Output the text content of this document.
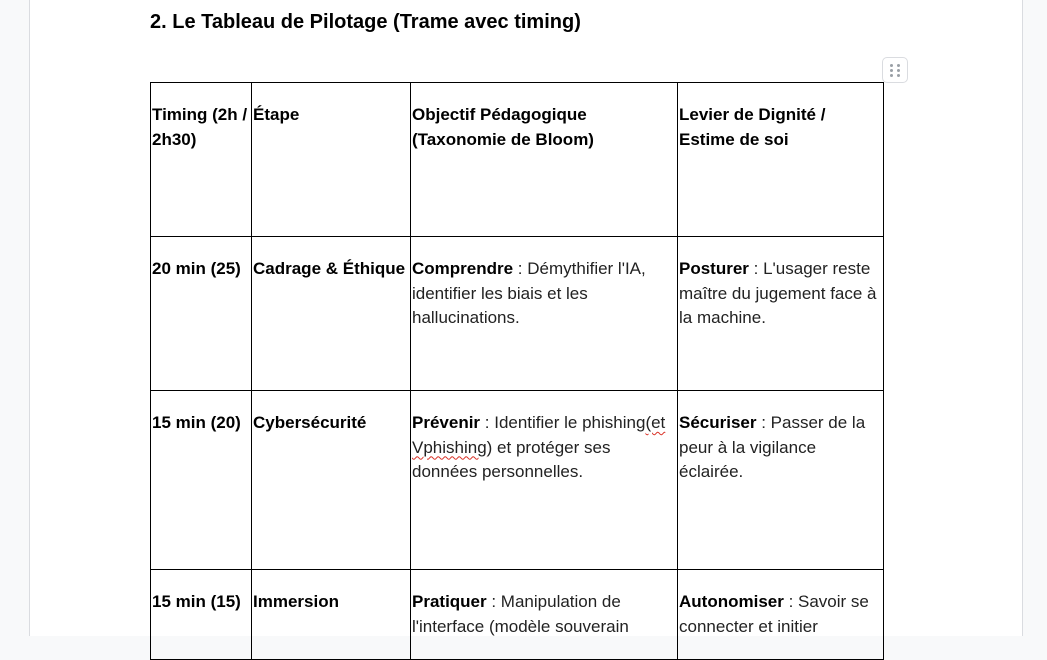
2. Le Tableau de Pilotage (Trame avec timing)
Timing (2h / 2h30)	Étape	Objectif Pédagogique (Taxonomie de Bloom)	Levier de Dignité / Estime de soi
20 min (25)	Cadrage & Éthique	Comprendre : Démythifier l'IA, identifier les biais et les hallucinations.	Posturer : L'usager reste maître du jugement face à la machine.
15 min (20)	Cybersécurité	Prévenir : Identifier le phishing(et Vphishing) et protéger ses données personnelles.	Sécuriser : Passer de la peur à la vigilance éclairée.
15 min (15)	Immersion	Pratiquer : Manipulation de l'interface (modèle souverain	Autonomiser : Savoir se connecter et initier
